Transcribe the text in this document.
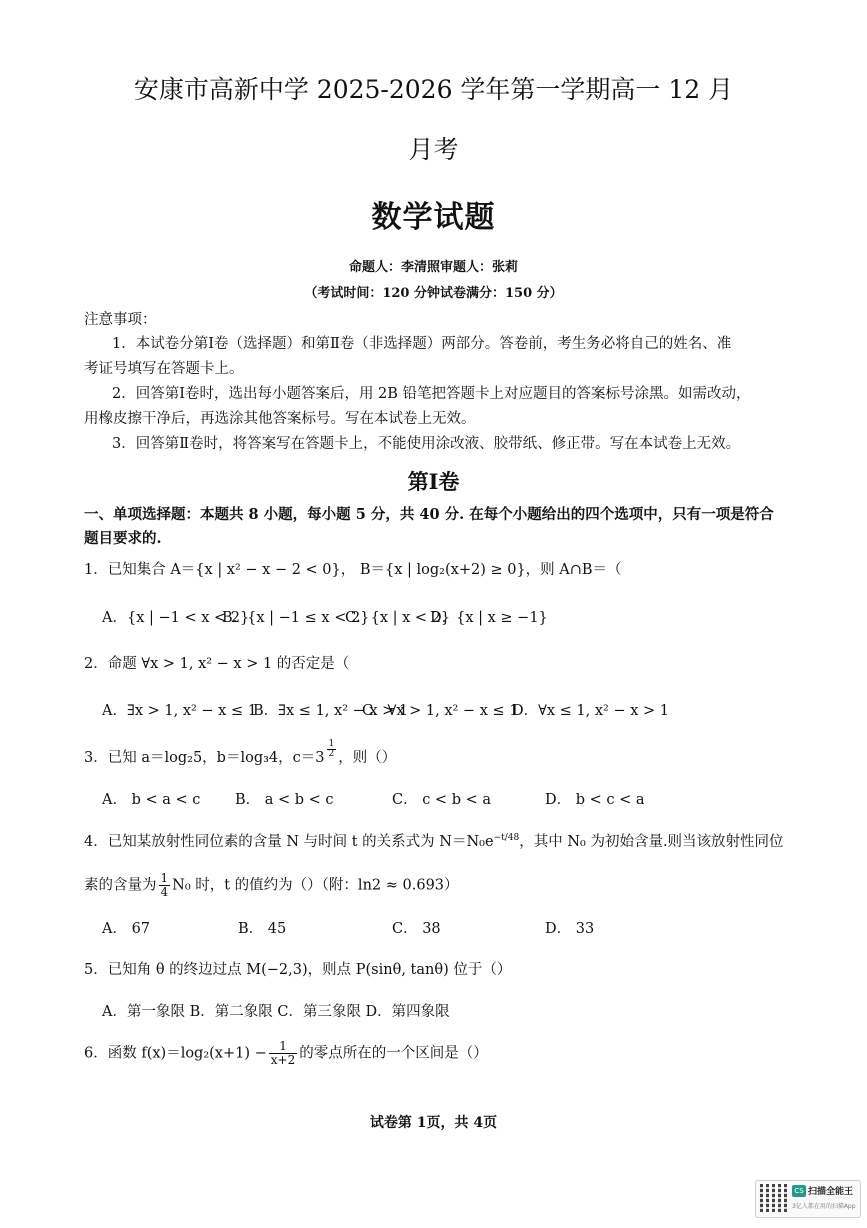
安康市高新中学 2025-2026 学年第一学期高一 12 月
月考
数学试题
命题人：李清照审题人：张莉
（考试时间：120 分钟试卷满分：150 分）
注意事项：
1．本试卷分第Ⅰ卷（选择题）和第Ⅱ卷（非选择题）两部分。答卷前，考生务必将自己的姓名、准
考证号填写在答题卡上。
2．回答第Ⅰ卷时，选出每小题答案后，用 2B 铅笔把答题卡上对应题目的答案标号涂黑。如需改动，
用橡皮擦干净后，再选涂其他答案标号。写在本试卷上无效。
3．回答第Ⅱ卷时，将答案写在答题卡上，不能使用涂改液、胶带纸、修正带。写在本试卷上无效。
第Ⅰ卷
一、单项选择题：本题共 8 小题，每小题 5 分，共 40 分. 在每个小题给出的四个选项中，只有一项是符合
题目要求的.
1．已知集合 A＝{x | x² − x − 2 < 0}， B＝{x | log₂(x+2) ≥ 0}，则 A∩B＝（
A．{x | −1 < x < 2}
B．{x | −1 ≤ x < 2}
C．{x | x < 2}
D．{x | x ≥ −1}
2．命题 ∀x > 1, x² − x > 1 的否定是（
A．∃x > 1, x² − x ≤ 1
B．∃x ≤ 1, x² − x > 1
C．∀x > 1, x² − x ≤ 1
D．∀x ≤ 1, x² − x > 1
3．已知 a＝log₂5，b＝log₃4，$c=3 \frac{1}{2}$ ，则（）
A． b < a < c B． a < b < c	C． c < b < a	D． b < c < a
4．已知某放射性同位素的含量 N 与时间 t 的关系式为 $N=N_0e^{-t/48}$，其中 N₀ 为初始含量.则当该放射性同位
素的含量为 $\frac{1}{4} N_0$ 时，t 的值约为（）（附：ln2 ≈ 0.693）
A． 67	B． 45	C． 38	D． 33
5．已知角 θ 的终边过点 M(−2,3)，则点 P(sinθ, tanθ) 位于（）
A．第一象限 B．第二象限 C．第三象限 D．第四象限
6．函数 $f(x)=\log_2(x+1) - \frac{1}{x+2}$ 的零点所在的一个区间是（）
试卷第 1页，共 4页
CS 扫描全能王
3亿人都在用的扫描App
